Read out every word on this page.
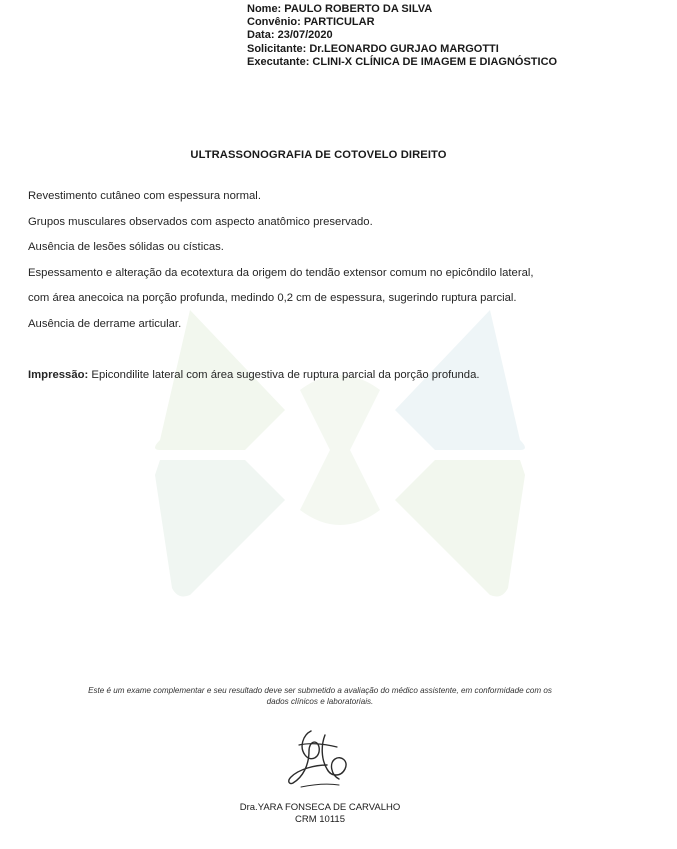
Nome: PAULO ROBERTO DA SILVA
Convênio: PARTICULAR
Data: 23/07/2020
Solicitante: Dr.LEONARDO GURJAO MARGOTTI
Executante: CLINI-X CLÍNICA DE IMAGEM E DIAGNÓSTICO
ULTRASSONOGRAFIA DE COTOVELO DIREITO
Revestimento cutâneo com espessura normal.
Grupos musculares observados com aspecto anatômico preservado.
Ausência de lesões sólidas ou císticas.
Espessamento e alteração da ecotextura da origem do tendão extensor comum no epicôndilo lateral,
com área anecoica na porção profunda, medindo 0,2 cm de espessura, sugerindo ruptura parcial.
Ausência de derrame articular.
Impressão: Epicondilite lateral com área sugestiva de ruptura parcial da porção profunda.
Este é um exame complementar e seu resultado deve ser submetido a avaliação do médico assistente, em conformidade com os
dados clínicos e laboratoriais.
Dra.YARA FONSECA DE CARVALHO
CRM 10115
